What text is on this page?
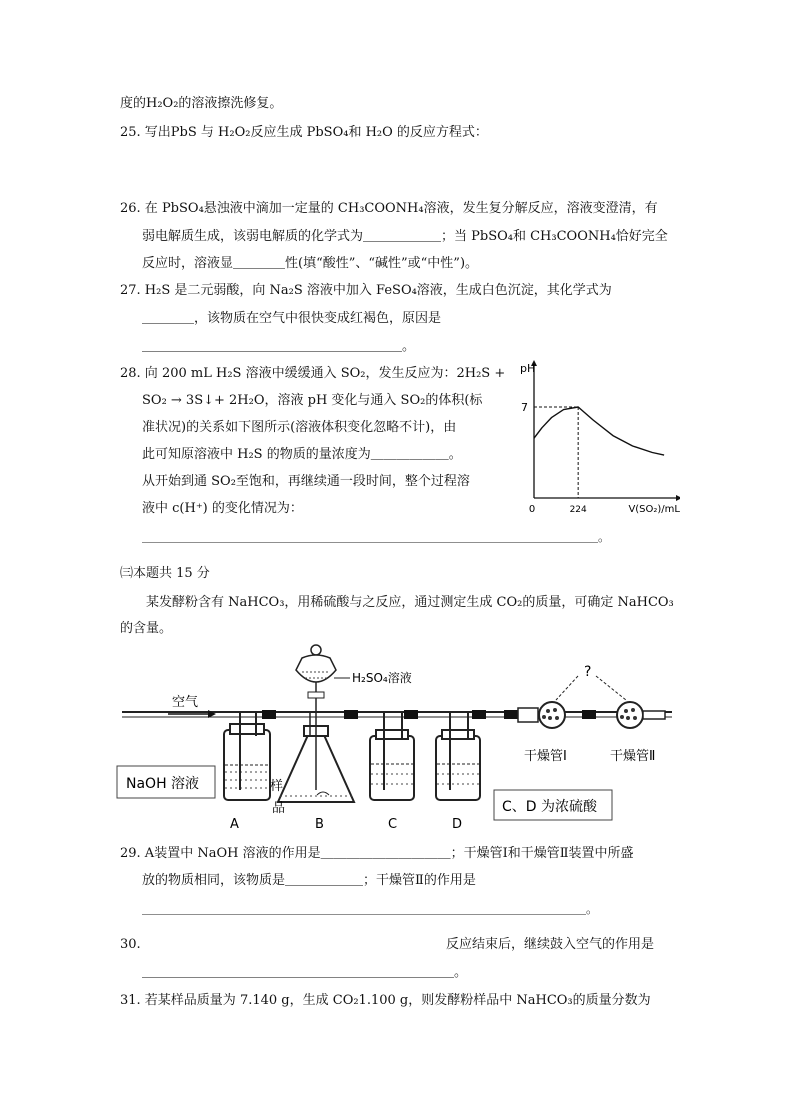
度的H₂O₂的溶液擦洗修复。
25. 写出PbS 与 H₂O₂反应生成 PbSO₄和 H₂O 的反应方程式：
26. 在 PbSO₄悬浊液中滴加一定量的 CH₃COONH₄溶液，发生复分解反应，溶液变澄清，有
弱电解质生成，该弱电解质的化学式为＿＿＿＿＿＿；当 PbSO₄和 CH₃COONH₄恰好完全
反应时，溶液显＿＿＿＿性(填“酸性”、“碱性”或“中性”)。
27. H₂S 是二元弱酸，向 Na₂S 溶液中加入 FeSO₄溶液，生成白色沉淀，其化学式为
＿＿＿＿，该物质在空气中很快变成红褐色，原因是
＿＿＿＿＿＿＿＿＿＿＿＿＿＿＿＿＿＿＿＿。
28. 向 200 mL H₂S 溶液中缓缓通入 SO₂，发生反应为：2H₂S +
SO₂ → 3S↓+ 2H₂O，溶液 pH 变化与通入 SO₂的体积(标
准状况)的关系如下图所示(溶液体积变化忽略不计)，由
此可知原溶液中 H₂S 的物质的量浓度为＿＿＿＿＿＿。
从开始到通 SO₂至饱和，再继续通一段时间，整个过程溶
液中 c(H⁺) 的变化情况为：
＿＿＿＿＿＿＿＿＿＿＿＿＿＿＿＿＿＿＿＿＿＿＿＿＿＿＿＿＿＿＿＿＿＿＿＿＿＿。
㈢本题共 15 分
某发酵粉含有 NaHCO₃，用稀硫酸与之反应，通过测定生成 CO₂的质量，可确定 NaHCO₃
的含量。
pH
7
0	224	V(SO₂)/mL
空气
NaOH 溶液
H₂SO₄溶液
样
品
?
干燥管Ⅰ	干燥管Ⅱ
C、D 为浓硫酸
A	B	C	D
29. A装置中 NaOH 溶液的作用是＿＿＿＿＿＿＿＿＿＿；干燥管Ⅰ和干燥管Ⅱ装置中所盛
放的物质相同，该物质是＿＿＿＿＿＿；干燥管Ⅱ的作用是
＿＿＿＿＿＿＿＿＿＿＿＿＿＿＿＿＿＿＿＿＿＿＿＿＿＿＿＿＿＿＿＿＿＿＿＿＿。
30.	反应结束后，继续鼓入空气的作用是
＿＿＿＿＿＿＿＿＿＿＿＿＿＿＿＿＿＿＿＿＿＿＿＿。
31. 若某样品质量为 7.140 g，生成 CO₂1.100 g，则发酵粉样品中 NaHCO₃的质量分数为
